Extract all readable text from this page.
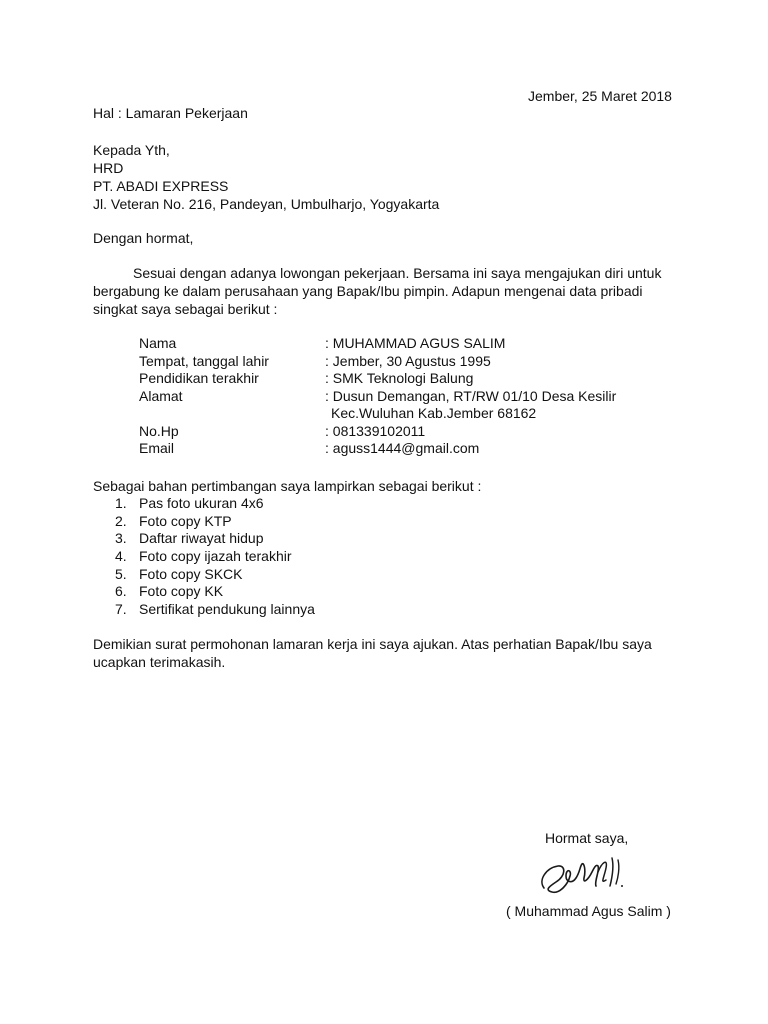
Jember, 25 Maret 2018
Hal : Lamaran Pekerjaan
Kepada Yth,
HRD
PT. ABADI EXPRESS
Jl. Veteran No. 216, Pandeyan, Umbulharjo, Yogyakarta
Dengan hormat,
Sesuai dengan adanya lowongan pekerjaan. Bersama ini saya mengajukan diri untuk
bergabung ke dalam perusahaan yang Bapak/Ibu pimpin. Adapun mengenai data pribadi
singkat saya sebagai berikut :
Nama	: MUHAMMAD AGUS SALIM
Tempat, tanggal lahir	: Jember, 30 Agustus 1995
Pendidikan terakhir	: SMK Teknologi Balung
Alamat	: Dusun Demangan, RT/RW 01/10 Desa Kesilir
Kec.Wuluhan Kab.Jember 68162
No.Hp	: 081339102011
Email	: aguss1444@gmail.com
Sebagai bahan pertimbangan saya lampirkan sebagai berikut :
1. Pas foto ukuran 4x6
2. Foto copy KTP
3. Daftar riwayat hidup
4. Foto copy ijazah terakhir
5. Foto copy SKCK
6. Foto copy KK
7. Sertifikat pendukung lainnya
Demikian surat permohonan lamaran kerja ini saya ajukan. Atas perhatian Bapak/Ibu saya
ucapkan terimakasih.
Hormat saya,
( Muhammad Agus Salim )
